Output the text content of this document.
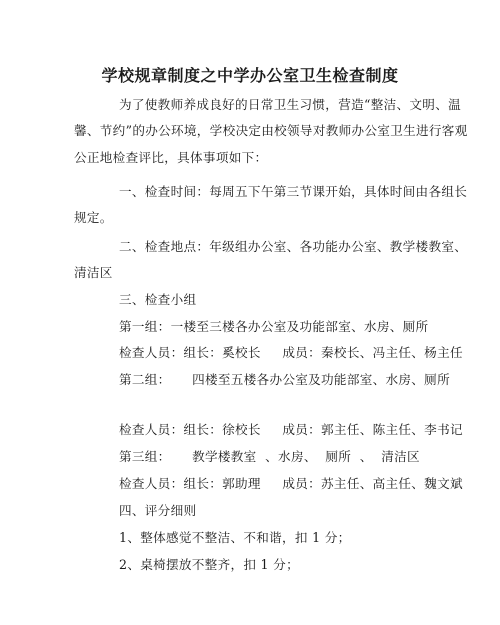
学校规章制度之中学办公室卫生检查制度
为了使教师养成良好的日常卫生习惯，营造“整洁、文明、温
馨、节约”的办公环境，学校决定由校领导对教师办公室卫生进行客观
公正地检查评比，具体事项如下：
一、检查时间：每周五下午第三节课开始，具体时间由各组长
规定。
二、检查地点：年级组办公室、各功能办公室、教学楼教室、
清洁区
三、检查小组
第一组：一楼至三楼各办公室及功能部室、水房、厕所
检查人员：组长：奚校长     成员：秦校长、冯主任、杨主任
第二组：     四楼至五楼各办公室及功能部室、水房、厕所
检查人员：组长：徐校长     成员：郭主任、陈主任、李书记
第三组：     教学楼教室  、水房、  厕所  、  清洁区
检查人员：组长：郭助理     成员：苏主任、高主任、魏文斌
四、评分细则
1、整体感觉不整洁、不和谐，扣 1 分；
2、桌椅摆放不整齐，扣 1 分；
